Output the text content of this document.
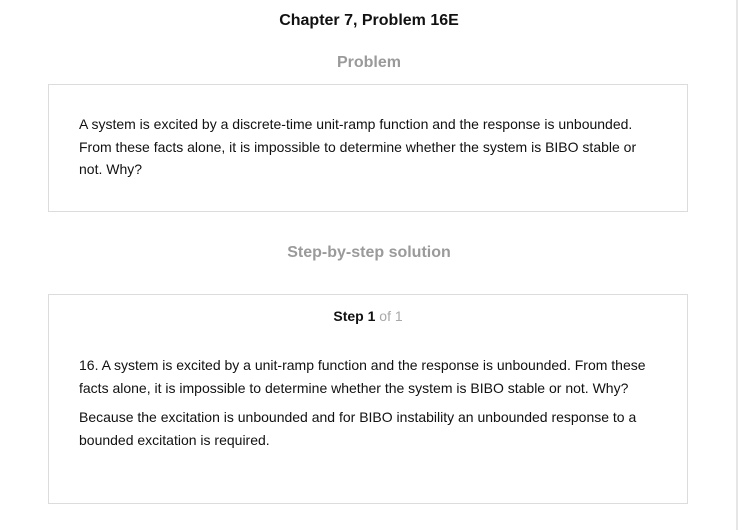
Chapter 7, Problem 16E
Problem
A system is excited by a discrete-time unit-ramp function and the response is unbounded. From these facts alone, it is impossible to determine whether the system is BIBO stable or not. Why?
Step-by-step solution
Step 1 of 1

16. A system is excited by a unit-ramp function and the response is unbounded. From these facts alone, it is impossible to determine whether the system is BIBO stable or not. Why?

Because the excitation is unbounded and for BIBO instability an unbounded response to a bounded excitation is required.
